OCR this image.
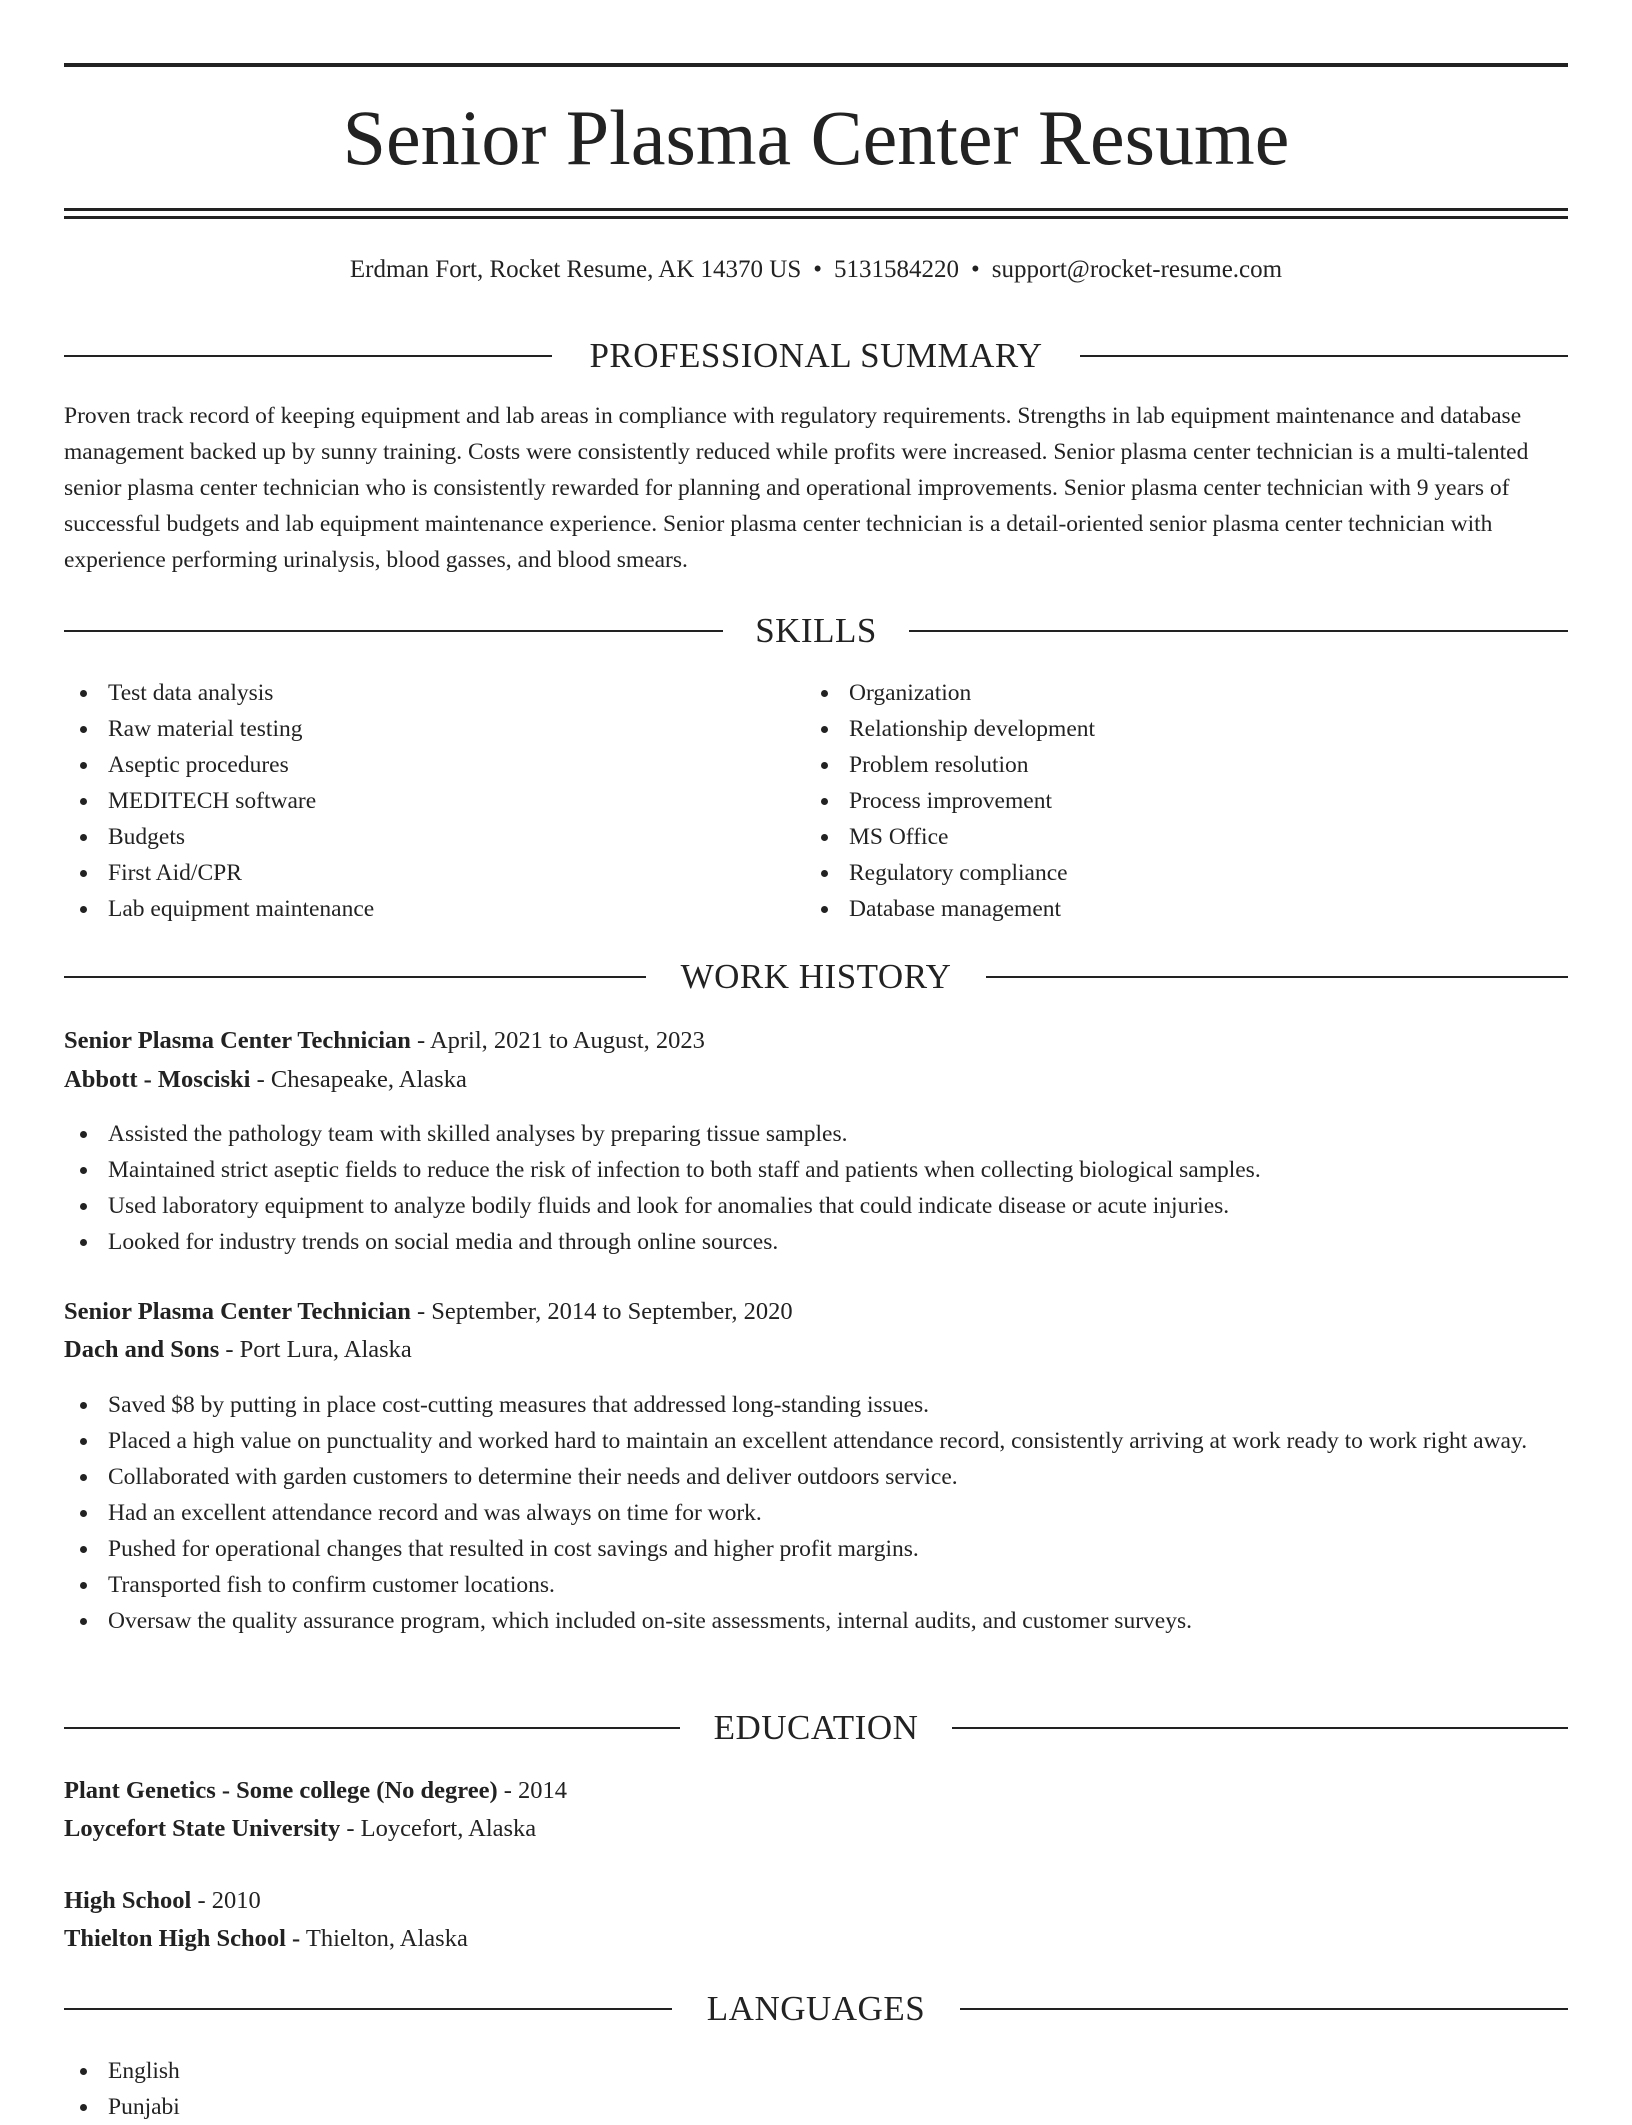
Senior Plasma Center Resume
Erdman Fort, Rocket Resume, AK 14370 US • 5131584220 • support@rocket-resume.com
PROFESSIONAL SUMMARY
Proven track record of keeping equipment and lab areas in compliance with regulatory requirements. Strengths in lab equipment maintenance and database management backed up by sunny training. Costs were consistently reduced while profits were increased. Senior plasma center technician is a multi-talented senior plasma center technician who is consistently rewarded for planning and operational improvements. Senior plasma center technician with 9 years of successful budgets and lab equipment maintenance experience. Senior plasma center technician is a detail-oriented senior plasma center technician with experience performing urinalysis, blood gasses, and blood smears.
SKILLS
Test data analysis
Raw material testing
Aseptic procedures
MEDITECH software
Budgets
First Aid/CPR
Lab equipment maintenance
Organization
Relationship development
Problem resolution
Process improvement
MS Office
Regulatory compliance
Database management
WORK HISTORY
Senior Plasma Center Technician - April, 2021 to August, 2023
Abbott - Mosciski - Chesapeake, Alaska
Assisted the pathology team with skilled analyses by preparing tissue samples.
Maintained strict aseptic fields to reduce the risk of infection to both staff and patients when collecting biological samples.
Used laboratory equipment to analyze bodily fluids and look for anomalies that could indicate disease or acute injuries.
Looked for industry trends on social media and through online sources.
Senior Plasma Center Technician - September, 2014 to September, 2020
Dach and Sons - Port Lura, Alaska
Saved $8 by putting in place cost-cutting measures that addressed long-standing issues.
Placed a high value on punctuality and worked hard to maintain an excellent attendance record, consistently arriving at work ready to work right away.
Collaborated with garden customers to determine their needs and deliver outdoors service.
Had an excellent attendance record and was always on time for work.
Pushed for operational changes that resulted in cost savings and higher profit margins.
Transported fish to confirm customer locations.
Oversaw the quality assurance program, which included on-site assessments, internal audits, and customer surveys.
EDUCATION
Plant Genetics - Some college (No degree) - 2014
Loycefort State University - Loycefort, Alaska
High School - 2010
Thielton High School - Thielton, Alaska
LANGUAGES
English
Punjabi
